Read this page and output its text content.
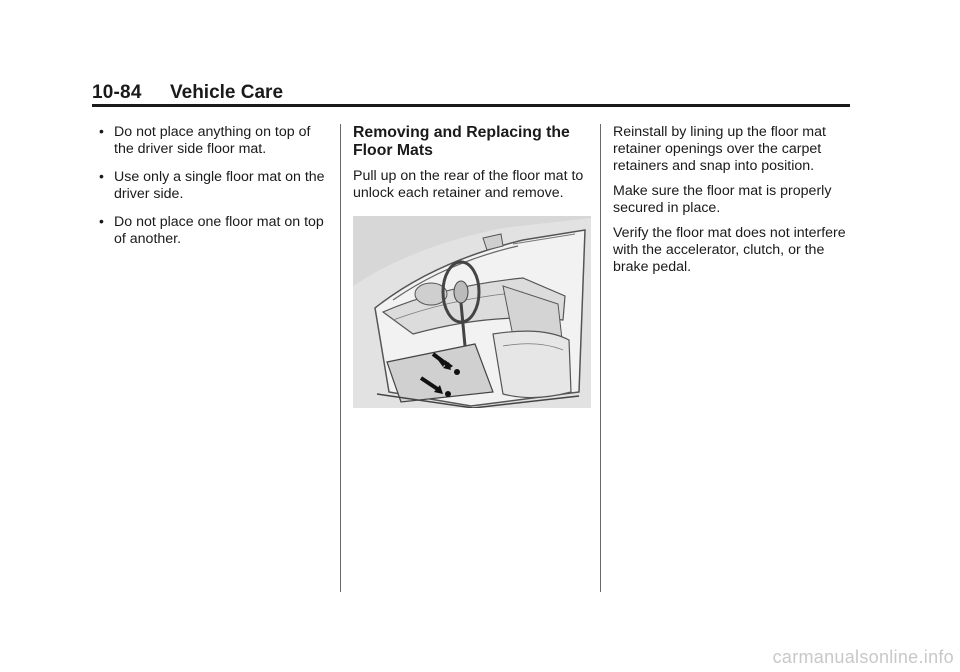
10-84 Vehicle Care
• Do not place anything on top of the driver side floor mat.
• Use only a single floor mat on the driver side.
• Do not place one floor mat on top of another.
Removing and Replacing the Floor Mats

Pull up on the rear of the floor mat to unlock each retainer and remove.

Reinstall by lining up the floor mat retainer openings over the carpet retainers and snap into position.

Make sure the floor mat is properly secured in place.

Verify the floor mat does not interfere with the accelerator, clutch, or the brake pedal.

carmanualsonline.info
